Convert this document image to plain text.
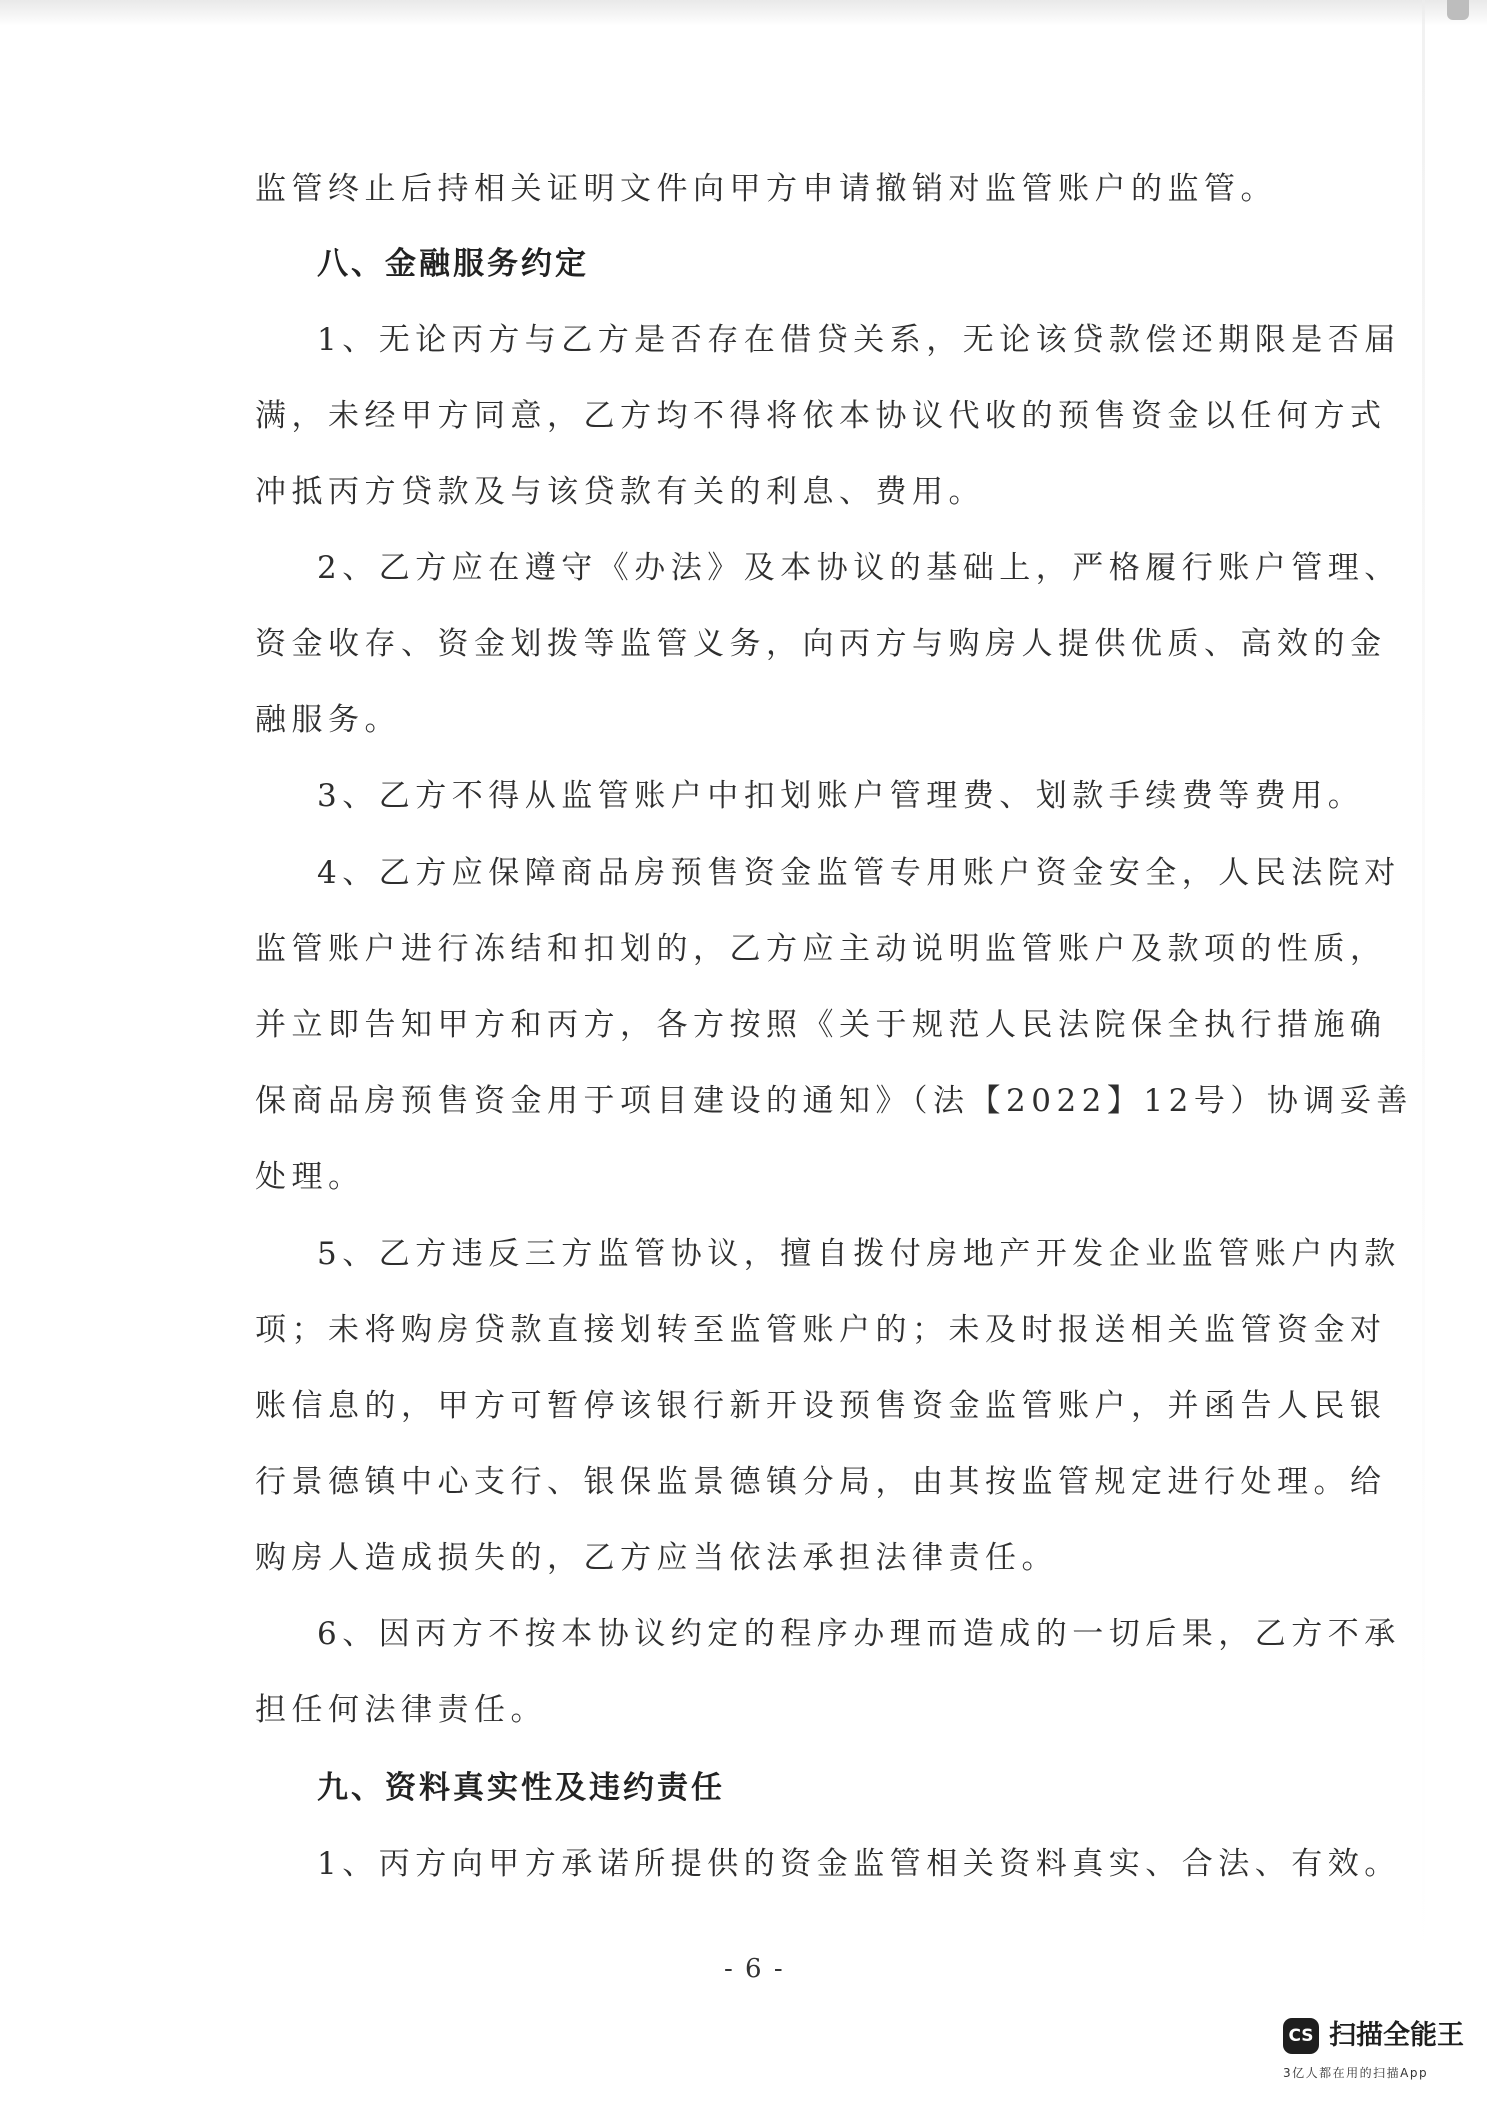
监管终止后持相关证明文件向甲方申请撤销对监管账户的监管。
八、金融服务约定
1、无论丙方与乙方是否存在借贷关系，无论该贷款偿还期限是否届
满，未经甲方同意，乙方均不得将依本协议代收的预售资金以任何方式
冲抵丙方贷款及与该贷款有关的利息、费用。
2、乙方应在遵守《办法》及本协议的基础上，严格履行账户管理、
资金收存、资金划拨等监管义务，向丙方与购房人提供优质、高效的金
融服务。
3、乙方不得从监管账户中扣划账户管理费、划款手续费等费用。
4、乙方应保障商品房预售资金监管专用账户资金安全，人民法院对
监管账户进行冻结和扣划的，乙方应主动说明监管账户及款项的性质，
并立即告知甲方和丙方，各方按照《关于规范人民法院保全执行措施确
保商品房预售资金用于项目建设的通知》（法【2022】12号）协调妥善
处理。
5、乙方违反三方监管协议，擅自拨付房地产开发企业监管账户内款
项；未将购房贷款直接划转至监管账户的；未及时报送相关监管资金对
账信息的，甲方可暂停该银行新开设预售资金监管账户，并函告人民银
行景德镇中心支行、银保监景德镇分局，由其按监管规定进行处理。给
购房人造成损失的，乙方应当依法承担法律责任。
6、因丙方不按本协议约定的程序办理而造成的一切后果，乙方不承
担任何法律责任。
九、资料真实性及违约责任
1、丙方向甲方承诺所提供的资金监管相关资料真实、合法、有效。
- 6 -
CS 扫描全能王
3亿人都在用的扫描App
